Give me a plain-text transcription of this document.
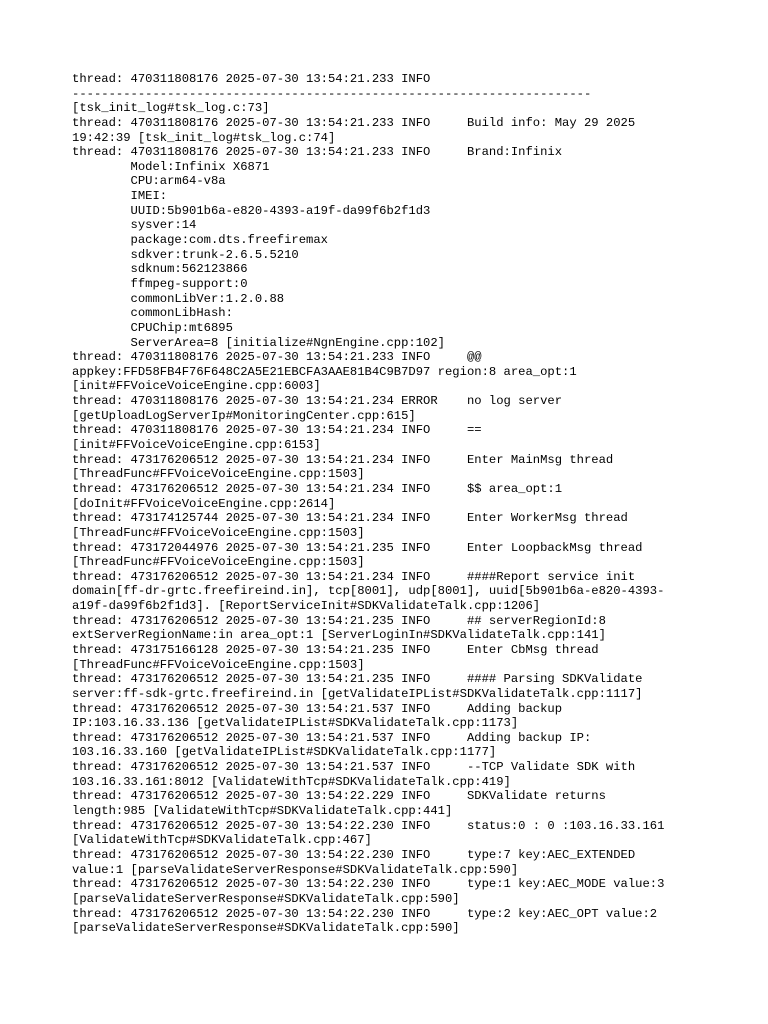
thread: 470311808176 2025-07-30 13:54:21.233 INFO
-----------------------------------------------------------------------
[tsk_init_log#tsk_log.c:73]
thread: 470311808176 2025-07-30 13:54:21.233 INFO     Build info: May 29 2025
19:42:39 [tsk_init_log#tsk_log.c:74]
thread: 470311808176 2025-07-30 13:54:21.233 INFO     Brand:Infinix
Model:Infinix X6871
CPU:arm64-v8a
IMEI:
UUID:5b901b6a-e820-4393-a19f-da99f6b2f1d3
sysver:14
package:com.dts.freefiremax
sdkver:trunk-2.6.5.5210
sdknum:562123866
ffmpeg-support:0
commonLibVer:1.2.0.88
commonLibHash:
CPUChip:mt6895
ServerArea=8 [initialize#NgnEngine.cpp:102]
thread: 470311808176 2025-07-30 13:54:21.233 INFO     @@
appkey:FFD58FB4F76F648C2A5E21EBCFA3AAE81B4C9B7D97 region:8 area_opt:1
[init#FFVoiceVoiceEngine.cpp:6003]
thread: 470311808176 2025-07-30 13:54:21.234 ERROR    no log server
[getUploadLogServerIp#MonitoringCenter.cpp:615]
thread: 470311808176 2025-07-30 13:54:21.234 INFO     ==
[init#FFVoiceVoiceEngine.cpp:6153]
thread: 473176206512 2025-07-30 13:54:21.234 INFO     Enter MainMsg thread
[ThreadFunc#FFVoiceVoiceEngine.cpp:1503]
thread: 473176206512 2025-07-30 13:54:21.234 INFO     $$ area_opt:1
[doInit#FFVoiceVoiceEngine.cpp:2614]
thread: 473174125744 2025-07-30 13:54:21.234 INFO     Enter WorkerMsg thread
[ThreadFunc#FFVoiceVoiceEngine.cpp:1503]
thread: 473172044976 2025-07-30 13:54:21.235 INFO     Enter LoopbackMsg thread
[ThreadFunc#FFVoiceVoiceEngine.cpp:1503]
thread: 473176206512 2025-07-30 13:54:21.234 INFO     ####Report service init
domain[ff-dr-grtc.freefireind.in], tcp[8001], udp[8001], uuid[5b901b6a-e820-4393-
a19f-da99f6b2f1d3]. [ReportServiceInit#SDKValidateTalk.cpp:1206]
thread: 473176206512 2025-07-30 13:54:21.235 INFO     ## serverRegionId:8
extServerRegionName:in area_opt:1 [ServerLoginIn#SDKValidateTalk.cpp:141]
thread: 473175166128 2025-07-30 13:54:21.235 INFO     Enter CbMsg thread
[ThreadFunc#FFVoiceVoiceEngine.cpp:1503]
thread: 473176206512 2025-07-30 13:54:21.235 INFO     #### Parsing SDKValidate
server:ff-sdk-grtc.freefireind.in [getValidateIPList#SDKValidateTalk.cpp:1117]
thread: 473176206512 2025-07-30 13:54:21.537 INFO     Adding backup
IP:103.16.33.136 [getValidateIPList#SDKValidateTalk.cpp:1173]
thread: 473176206512 2025-07-30 13:54:21.537 INFO     Adding backup IP:
103.16.33.160 [getValidateIPList#SDKValidateTalk.cpp:1177]
thread: 473176206512 2025-07-30 13:54:21.537 INFO     --TCP Validate SDK with
103.16.33.161:8012 [ValidateWithTcp#SDKValidateTalk.cpp:419]
thread: 473176206512 2025-07-30 13:54:22.229 INFO     SDKValidate returns
length:985 [ValidateWithTcp#SDKValidateTalk.cpp:441]
thread: 473176206512 2025-07-30 13:54:22.230 INFO     status:0 : 0 :103.16.33.161
[ValidateWithTcp#SDKValidateTalk.cpp:467]
thread: 473176206512 2025-07-30 13:54:22.230 INFO     type:7 key:AEC_EXTENDED
value:1 [parseValidateServerResponse#SDKValidateTalk.cpp:590]
thread: 473176206512 2025-07-30 13:54:22.230 INFO     type:1 key:AEC_MODE value:3
[parseValidateServerResponse#SDKValidateTalk.cpp:590]
thread: 473176206512 2025-07-30 13:54:22.230 INFO     type:2 key:AEC_OPT value:2
[parseValidateServerResponse#SDKValidateTalk.cpp:590]
